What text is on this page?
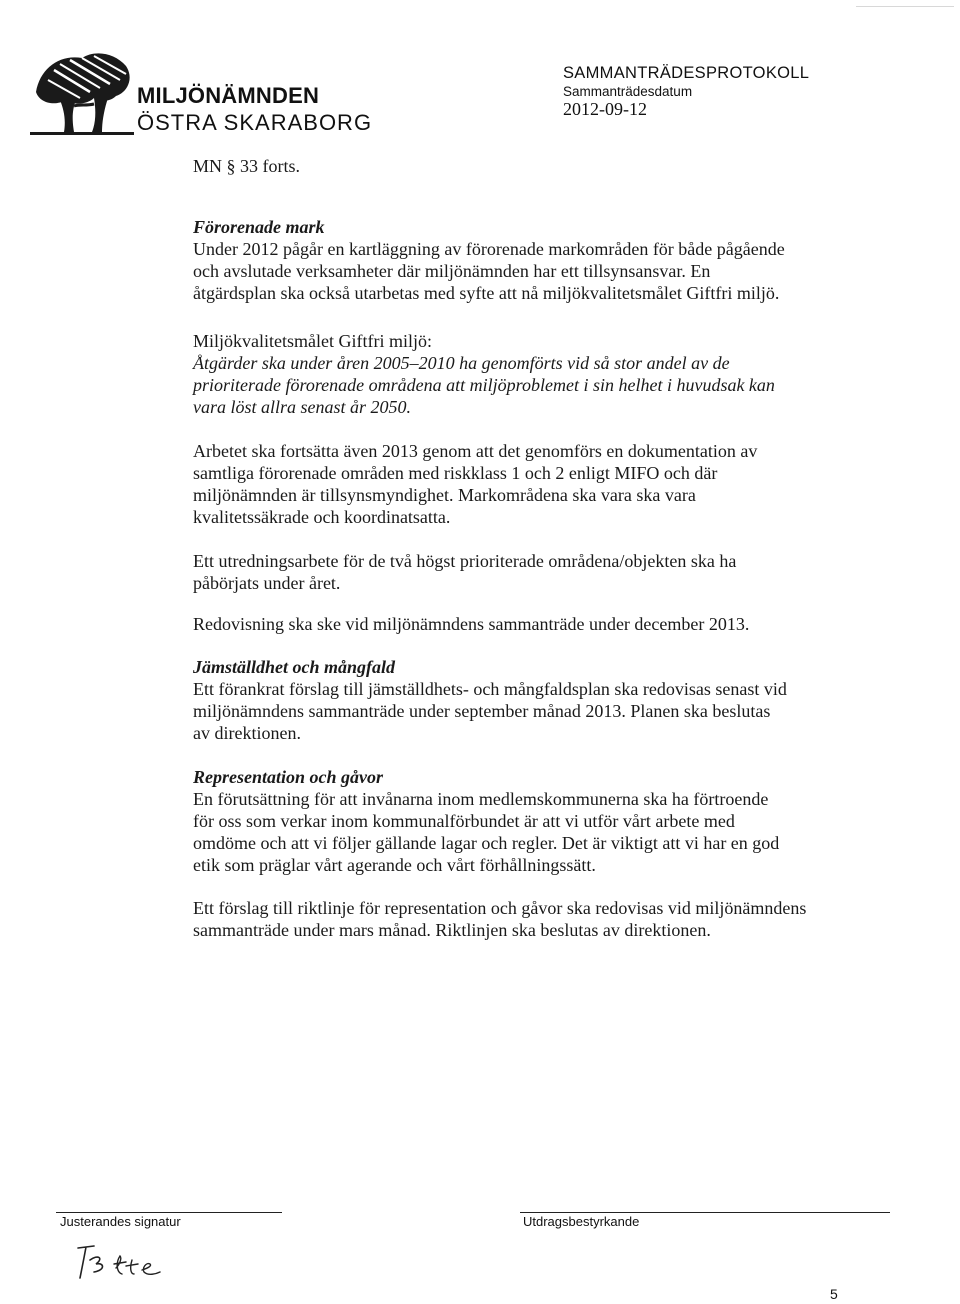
MILJÖNÄMNDEN
ÖSTRA SKARABORG
SAMMANTRÄDESPROTOKOLL
Sammanträdesdatum
2012-09-12
MN § 33 forts.
Förorenade mark
Under 2012 pågår en kartläggning av förorenade markområden för både pågående
och avslutade verksamheter där miljönämnden har ett tillsynsansvar. En
åtgärdsplan ska också utarbetas med syfte att nå miljökvalitetsmålet Giftfri miljö.
Miljökvalitetsmålet Giftfri miljö:
Åtgärder ska under åren 2005–2010 ha genomförts vid så stor andel av de
prioriterade förorenade områdena att miljöproblemet i sin helhet i huvudsak kan
vara löst allra senast år 2050.
Arbetet ska fortsätta även 2013 genom att det genomförs en dokumentation av
samtliga förorenade områden med riskklass 1 och 2 enligt MIFO och där
miljönämnden är tillsynsmyndighet. Markområdena ska vara ska vara
kvalitetssäkrade och koordinatsatta.
Ett utredningsarbete för de två högst prioriterade områdena/objekten ska ha
påbörjats under året.
Redovisning ska ske vid miljönämndens sammanträde under december 2013.
Jämställdhet och mångfald
Ett förankrat förslag till jämställdhets- och mångfaldsplan ska redovisas senast vid
miljönämndens sammanträde under september månad 2013. Planen ska beslutas
av direktionen.
Representation och gåvor
En förutsättning för att invånarna inom medlemskommunerna ska ha förtroende
för oss som verkar inom kommunalförbundet är att vi utför vårt arbete med
omdöme och att vi följer gällande lagar och regler. Det är viktigt att vi har en god
etik som präglar vårt agerande och vårt förhållningssätt.
Ett förslag till riktlinje för representation och gåvor ska redovisas vid miljönämndens
sammanträde under mars månad. Riktlinjen ska beslutas av direktionen.
Justerandes signatur	Utdragsbestyrkande
5
